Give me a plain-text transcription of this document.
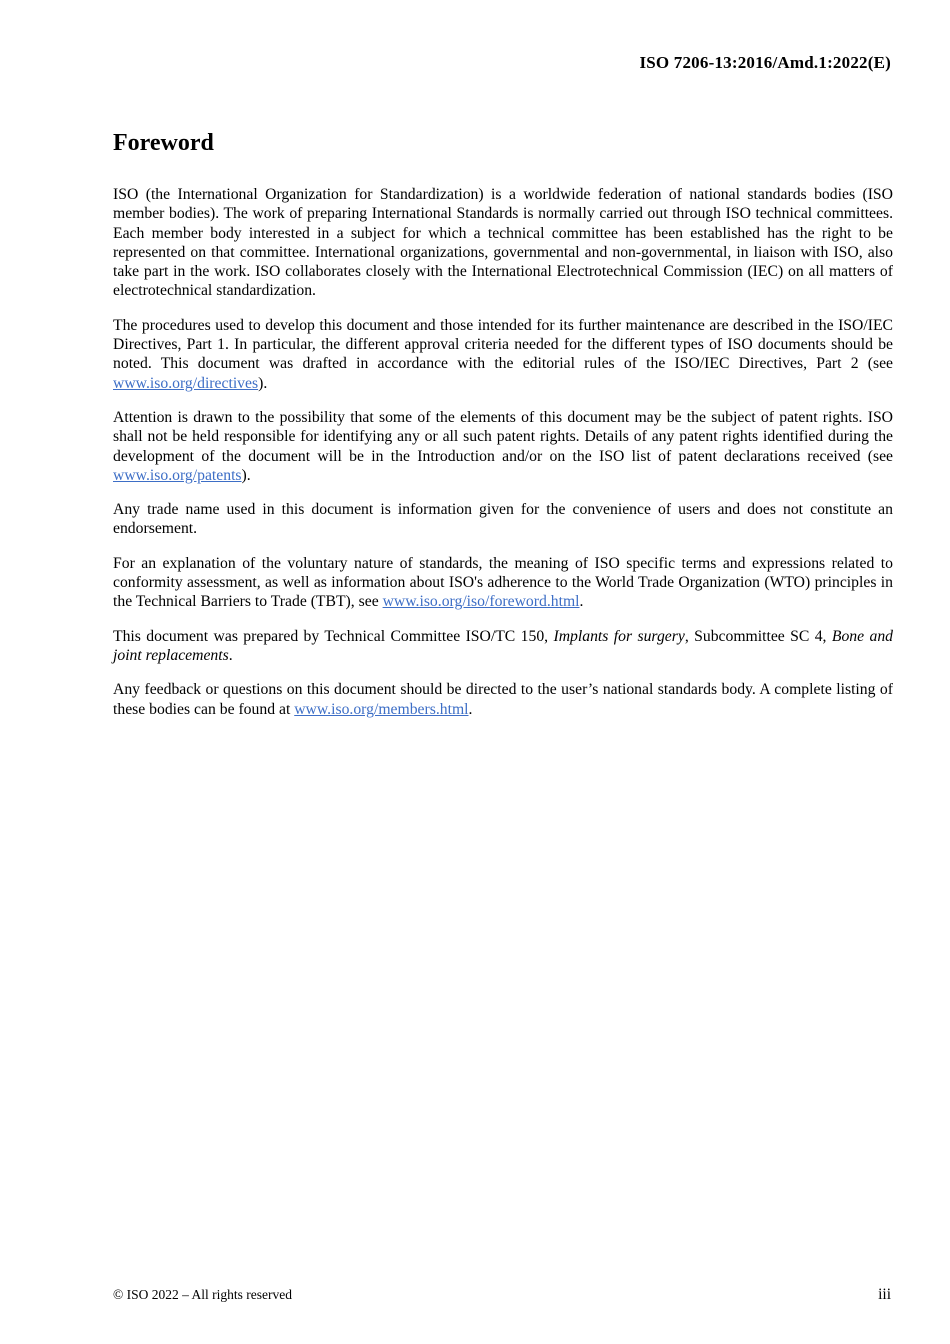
ISO 7206-13:2016/Amd.1:2022(E)
Foreword

ISO (the International Organization for Standardization) is a worldwide federation of national standards bodies (ISO member bodies). The work of preparing International Standards is normally carried out through ISO technical committees. Each member body interested in a subject for which a technical committee has been established has the right to be represented on that committee. International organizations, governmental and non-governmental, in liaison with ISO, also take part in the work. ISO collaborates closely with the International Electrotechnical Commission (IEC) on all matters of electrotechnical standardization.

The procedures used to develop this document and those intended for its further maintenance are described in the ISO/IEC Directives, Part 1. In particular, the different approval criteria needed for the different types of ISO documents should be noted. This document was drafted in accordance with the editorial rules of the ISO/IEC Directives, Part 2 (see www.iso.org/directives).

Attention is drawn to the possibility that some of the elements of this document may be the subject of patent rights. ISO shall not be held responsible for identifying any or all such patent rights. Details of any patent rights identified during the development of the document will be in the Introduction and/or on the ISO list of patent declarations received (see www.iso.org/patents).

Any trade name used in this document is information given for the convenience of users and does not constitute an endorsement.

For an explanation of the voluntary nature of standards, the meaning of ISO specific terms and expressions related to conformity assessment, as well as information about ISO's adherence to the World Trade Organization (WTO) principles in the Technical Barriers to Trade (TBT), see www.iso.org/iso/foreword.html.

This document was prepared by Technical Committee ISO/TC 150, Implants for surgery, Subcommittee SC 4, Bone and joint replacements.

Any feedback or questions on this document should be directed to the user’s national standards body. A complete listing of these bodies can be found at www.iso.org/members.html.

© ISO 2022 – All rights reserved	iii
